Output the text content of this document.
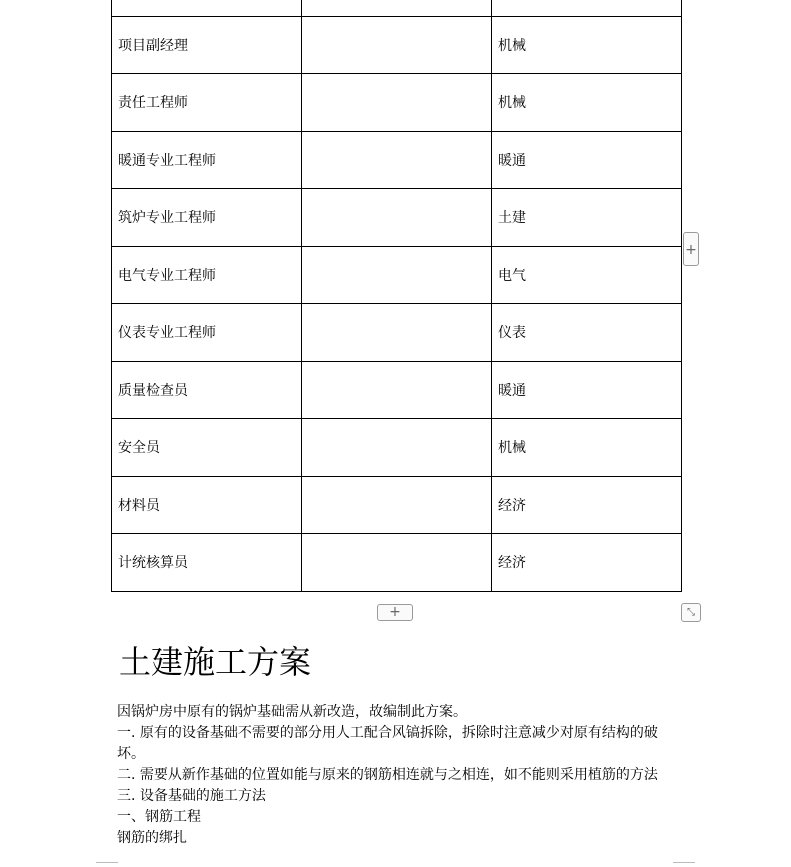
项目副经理		机械
责任工程师		机械
暖通专业工程师		暖通
筑炉专业工程师		土建
电气专业工程师		电气
仪表专业工程师		仪表
质量检查员		暖通
安全员		机械
材料员		经济
计统核算员		经济
+
+	⤡
土建施工方案

因锅炉房中原有的锅炉基础需从新改造，故编制此方案。

一. 原有的设备基础不需要的部分用人工配合风镐拆除，拆除时注意减少对原有结构的破坏。

二. 需要从新作基础的位置如能与原来的钢筋相连就与之相连，如不能则采用植筋的方法

三. 设备基础的施工方法

一、钢筋工程

钢筋的绑扎
